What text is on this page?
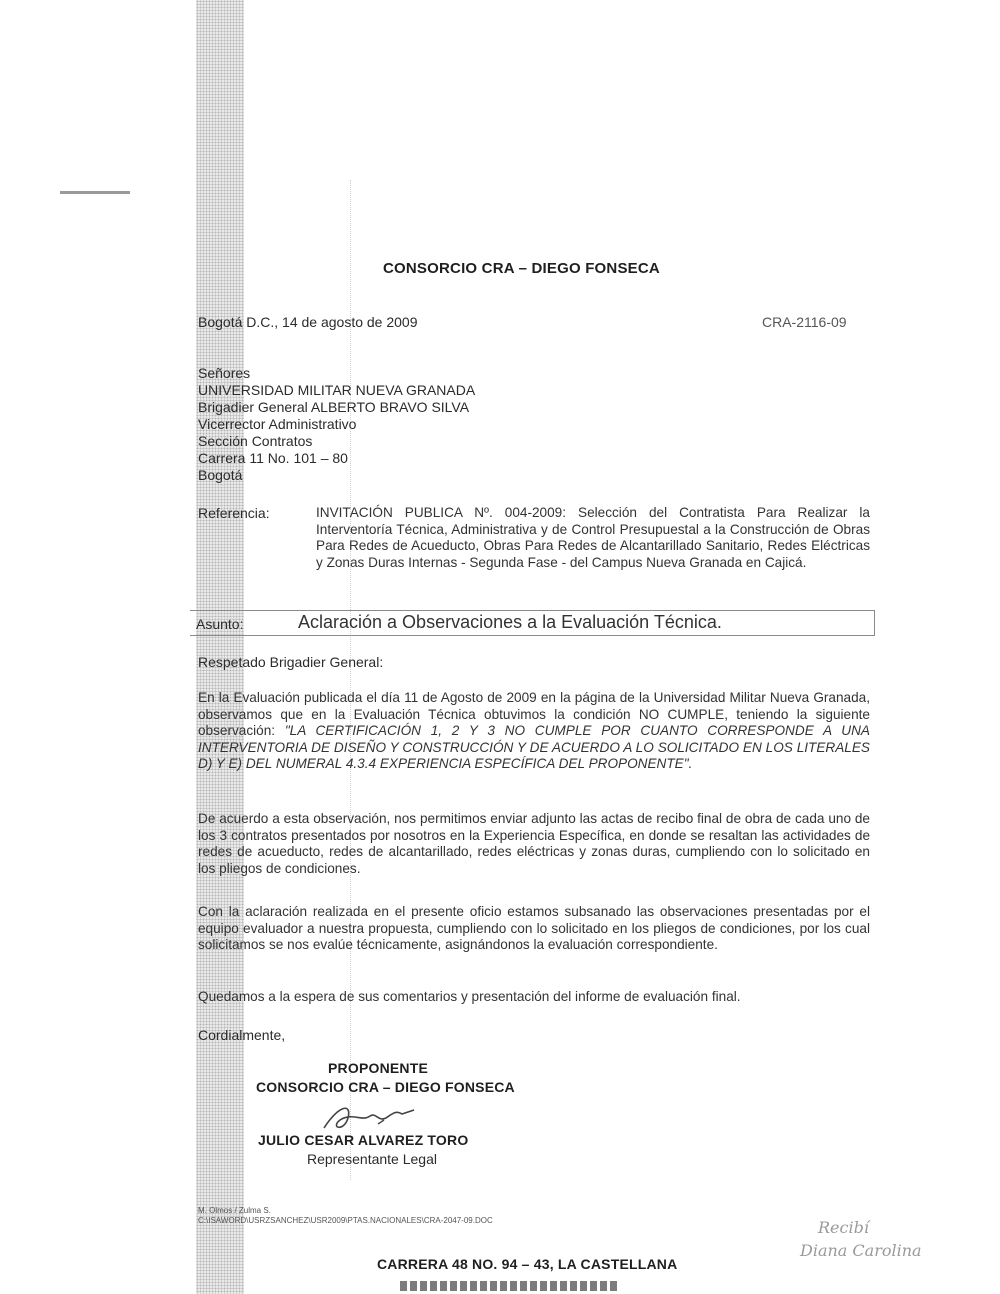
CONSORCIO CRA – DIEGO FONSECA
Bogotá D.C., 14 de agosto de 2009	CRA-2116-09
Señores
UNIVERSIDAD MILITAR NUEVA GRANADA
Brigadier General ALBERTO BRAVO SILVA
Vicerrector Administrativo
Sección Contratos
Carrera 11 No. 101 – 80
Bogotá
Referencia:	INVITACIÓN PUBLICA Nº. 004-2009: Selección del Contratista Para Realizar la Interventoría Técnica, Administrativa y de Control Presupuestal a la Construcción de Obras Para Redes de Acueducto, Obras Para Redes de Alcantarillado Sanitario, Redes Eléctricas y Zonas Duras Internas - Segunda Fase - del Campus Nueva Granada en Cajicá.
Asunto:	Aclaración a Observaciones a la Evaluación Técnica.
Respetado Brigadier General:
En la Evaluación publicada el día 11 de Agosto de 2009 en la página de la Universidad Militar Nueva Granada, observamos que en la Evaluación Técnica obtuvimos la condición NO CUMPLE, teniendo la siguiente observación: "LA CERTIFICACIÓN 1, 2 Y 3 NO CUMPLE POR CUANTO CORRESPONDE A UNA INTERVENTORIA DE DISEÑO Y CONSTRUCCIÓN Y DE ACUERDO A LO SOLICITADO EN LOS LITERALES D) Y E) DEL NUMERAL 4.3.4 EXPERIENCIA ESPECÍFICA DEL PROPONENTE".
De acuerdo a esta observación, nos permitimos enviar adjunto las actas de recibo final de obra de cada uno de los 3 contratos presentados por nosotros en la Experiencia Específica, en donde se resaltan las actividades de redes de acueducto, redes de alcantarillado, redes eléctricas y zonas duras, cumpliendo con lo solicitado en los pliegos de condiciones.
Con la aclaración realizada en el presente oficio estamos subsanado las observaciones presentadas por el equipo evaluador a nuestra propuesta, cumpliendo con lo solicitado en los pliegos de condiciones, por los cual solicitamos se nos evalúe técnicamente, asignándonos la evaluación correspondiente.
Quedamos a la espera de sus comentarios y presentación del informe de evaluación final.
Cordialmente,
PROPONENTE
CONSORCIO CRA – DIEGO FONSECA
JULIO CESAR ALVAREZ TORO
Representante Legal
M. Olmos / Zulma S.
C:\ISAWORD\USRZSANCHEZ\USR2009\PTAS.NACIONALES\CRA-2047-09.DOC
CARRERA 48 NO. 94 – 43, LA CASTELLANA
Recibí
Diana Carolina
